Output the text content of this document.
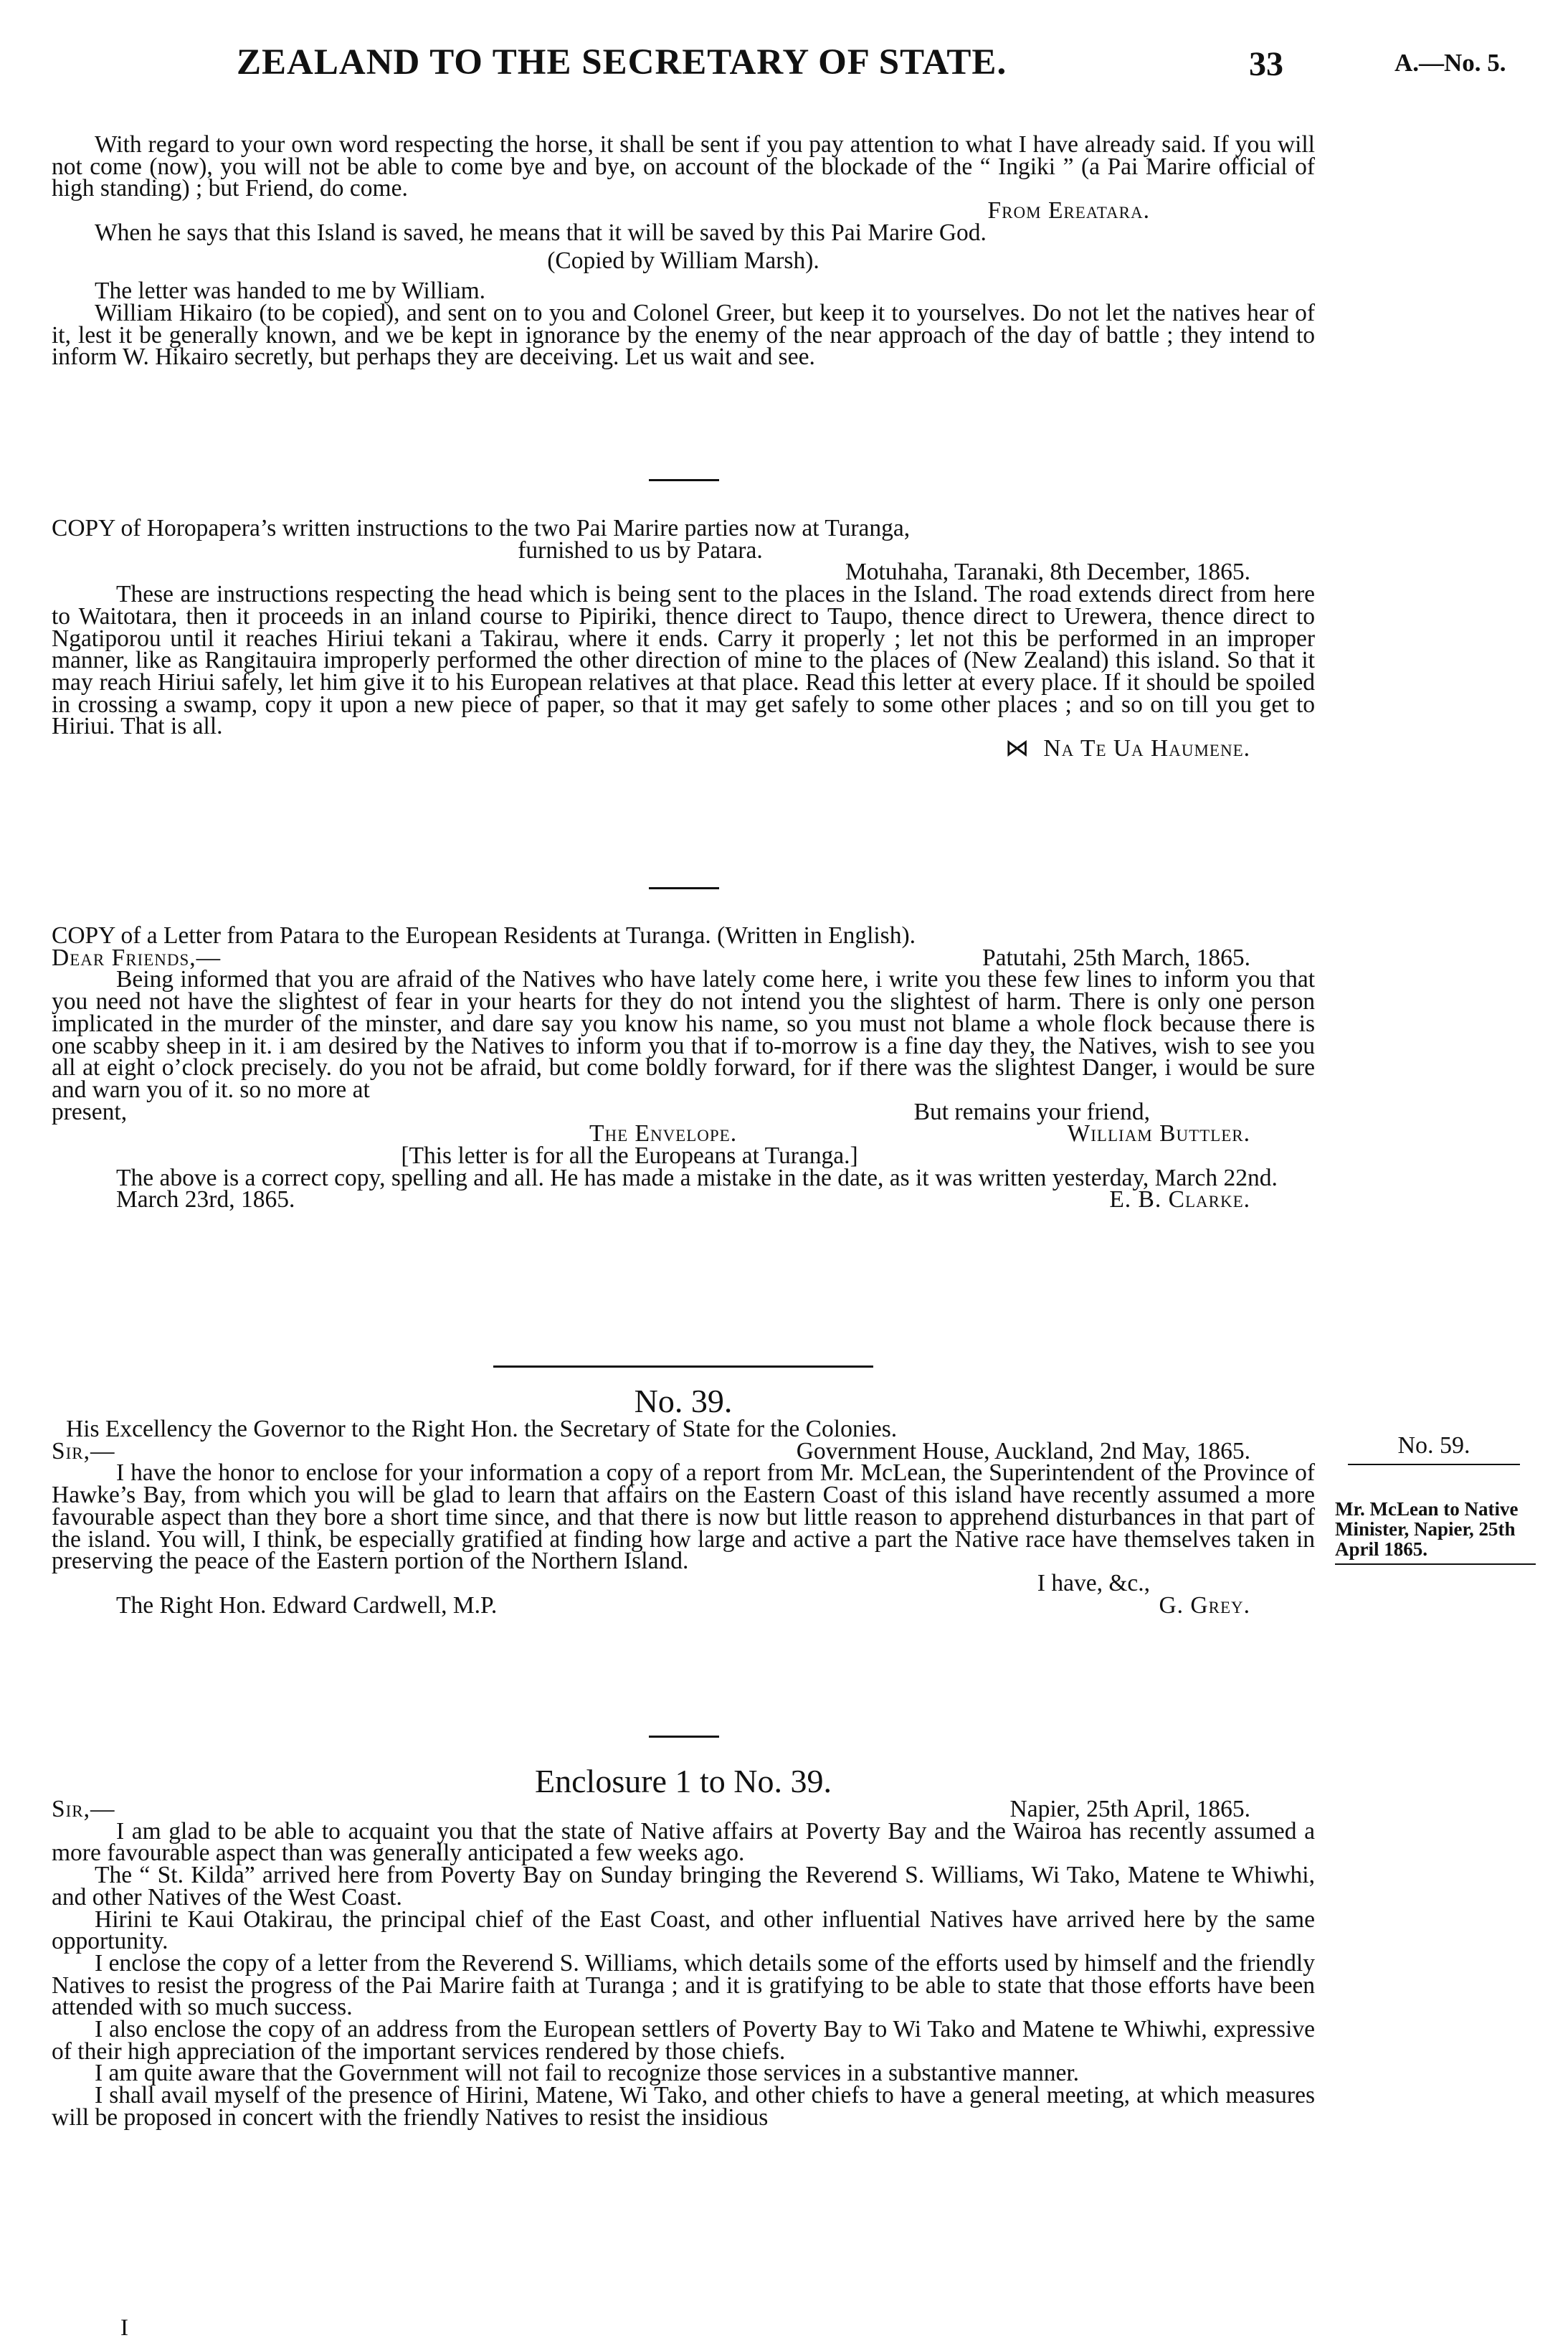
ZEALAND TO THE SECRETARY OF STATE.	33	A.—No. 5.

With regard to your own word respecting the horse, it shall be sent if you pay attention to what I have already said. If you will not come (now), you will not be able to come bye and bye, on account of the blockade of the “ Ingiki ” (a Pai Marire official of high standing) ; but Friend, do come.

From Ereatara.

When he says that this Island is saved, he means that it will be saved by this Pai Marire God.

(Copied by William Marsh).

The letter was handed to me by William.

William Hikairo (to be copied), and sent on to you and Colonel Greer, but keep it to yourselves. Do not let the natives hear of it, lest it be generally known, and we be kept in ignorance by the enemy of the near approach of the day of battle ; they intend to inform W. Hikairo secretly, but perhaps they are deceiving. Let us wait and see.

COPY of Horopapera’s written instructions to the two Pai Marire parties now at Turanga,

furnished to us by Patara.

Motuhaha, Taranaki, 8th December, 1865.

These are instructions respecting the head which is being sent to the places in the Island. The road extends direct from here to Waitotara, then it proceeds in an inland course to Pipiriki, thence direct to Taupo, thence direct to Urewera, thence direct to Ngatiporou until it reaches Hiriui tekani a Takirau, where it ends. Carry it properly ; let not this be performed in an improper manner, like as Rangitauira improperly performed the other direction of mine to the places of (New Zealand) this island. So that it may reach Hiriui safely, let him give it to his European relatives at that place. Read this letter at every place. If it should be spoiled in crossing a swamp, copy it upon a new piece of paper, so that it may get safely to some other places ; and so on till you get to Hiriui. That is all.

⋈ Na Te Ua Haumene.

COPY of a Letter from Patara to the European Residents at Turanga. (Written in English).

Dear Friends,—	Patutahi, 25th March, 1865.

Being informed that you are afraid of the Natives who have lately come here, i write you these few lines to inform you that you need not have the slightest of fear in your hearts for they do not intend you the slightest of harm. There is only one person implicated in the murder of the minster, and dare say you know his name, so you must not blame a whole flock because there is one scabby sheep in it. i am desired by the Natives to inform you that if to-morrow is a fine day they, the Natives, wish to see you all at eight o’clock precisely. do you not be afraid, but come boldly forward, for if there was the slightest Danger, i would be sure and warn you of it. so no more at

present,	But remains your friend,
The Envelope.	William Buttler.

[This letter is for all the Europeans at Turanga.]

The above is a correct copy, spelling and all. He has made a mistake in the date, as it was written yesterday, March 22nd.

March 23rd, 1865.	E. B. Clarke.

No. 39.

His Excellency the Governor to the Right Hon. the Secretary of State for the Colonies.

Sir,—	Government House, Auckland, 2nd May, 1865.

I have the honor to enclose for your information a copy of a report from Mr. McLean, the Superintendent of the Province of Hawke’s Bay, from which you will be glad to learn that affairs on the Eastern Coast of this island have recently assumed a more favourable aspect than they bore a short time since, and that there is now but little reason to apprehend disturbances in that part of the island. You will, I think, be especially gratified at finding how large and active a part the Native race have themselves taken in preserving the peace of the Eastern portion of the Northern Island.

I have, &c.,

The Right Hon. Edward Cardwell, M.P.	G. Grey.
No. 59.
Mr. McLean to Native Minister, Napier, 25th April 1865.

Enclosure 1 to No. 39.

Sir,—	Napier, 25th April, 1865.

I am glad to be able to acquaint you that the state of Native affairs at Poverty Bay and the Wairoa has recently assumed a more favourable aspect than was generally anticipated a few weeks ago.

The “ St. Kilda” arrived here from Poverty Bay on Sunday bringing the Reverend S. Williams, Wi Tako, Matene te Whiwhi, and other Natives of the West Coast.

Hirini te Kaui Otakirau, the principal chief of the East Coast, and other influential Natives have arrived here by the same opportunity.

I enclose the copy of a letter from the Reverend S. Williams, which details some of the efforts used by himself and the friendly Natives to resist the progress of the Pai Marire faith at Turanga ; and it is gratifying to be able to state that those efforts have been attended with so much success.

I also enclose the copy of an address from the European settlers of Poverty Bay to Wi Tako and Matene te Whiwhi, expressive of their high appreciation of the important services rendered by those chiefs.

I am quite aware that the Government will not fail to recognize those services in a substantive manner.

I shall avail myself of the presence of Hirini, Matene, Wi Tako, and other chiefs to have a general meeting, at which measures will be proposed in concert with the friendly Natives to resist the insidious

I
